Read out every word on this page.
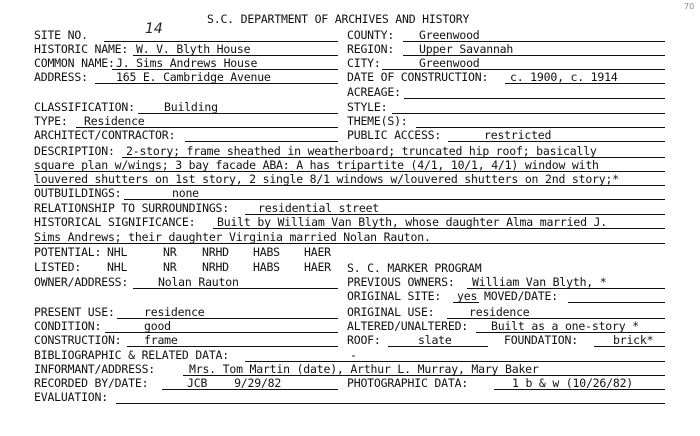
S.C. DEPARTMENT OF ARCHIVES AND HISTORY
70
SITE NO.	14	COUNTY: Greenwood
HISTORIC NAME: W. V. Blyth House	REGION: Upper Savannah
COMMON NAME: J. Sims Andrews House	CITY:	Greenwood
ADDRESS: 165 E. Cambridge Avenue	DATE OF CONSTRUCTION: c. 1900, c. 1914
ACREAGE:
CLASSIFICATION:	Building	STYLE:
TYPE: Residence	THEME(S):
ARCHITECT/CONTRACTOR:	PUBLIC ACCESS:	restricted
DESCRIPTION: 2-story; frame sheathed in weatherboard; truncated hip roof; basically
square plan w/wings; 3 bay facade ABA: A has tripartite (4/1, 10/1, 4/1) window with
louvered shutters on 1st story, 2 single 8/1 windows w/louvered shutters on 2nd story;*
OUTBUILDINGS:	none
RELATIONSHIP TO SURROUNDINGS:	residential street
HISTORICAL SIGNIFICANCE: Built by William Van Blyth, whose daughter Alma married J.
Sims Andrews; their daughter Virginia married Nolan Rauton.
POTENTIAL: NHL	NR NRHD HABS HAER
LISTED: NHL	NR NRHD HABS HAER S. C. MARKER PROGRAM
OWNER/ADDRESS:	Nolan Rauton	PREVIOUS OWNERS: William Van Blyth, *
ORIGINAL SITE: yes MOVED/DATE:
PRESENT USE:	residence	ORIGINAL USE:	residence
CONDITION:	good	ALTERED/UNALTERED: Built as a one-story *
CONSTRUCTION: frame	ROOF:	slate	FOUNDATION:	brick*
BIBLIOGRAPHIC & RELATED DATA:	-
INFORMANT/ADDRESS:	Mrs. Tom Martin (date), Arthur L. Murray, Mary Baker
RECORDED BY/DATE:	JCB    9/29/82	PHOTOGRAPHIC DATA:	1 b & w (10/26/82)
EVALUATION:
